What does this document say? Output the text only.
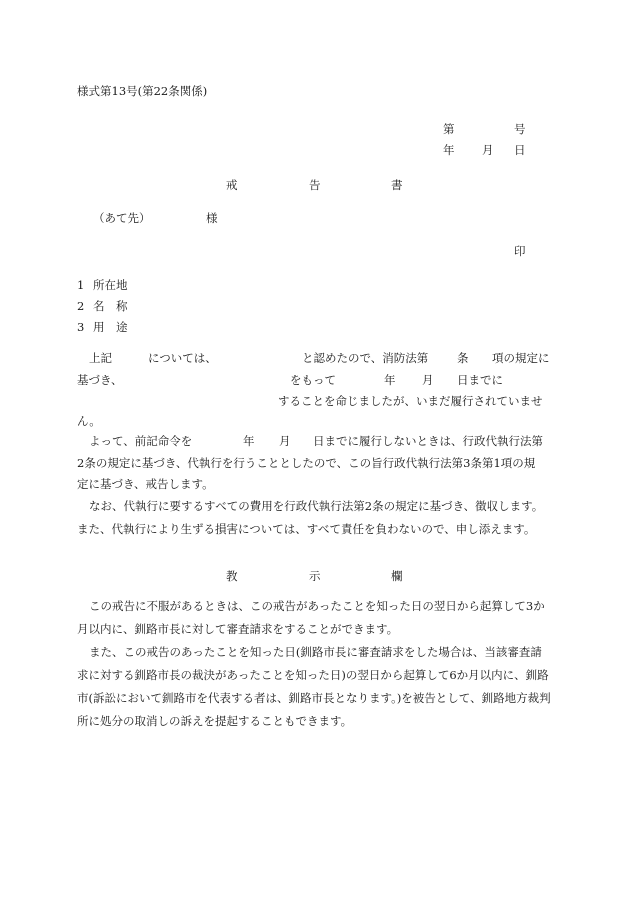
様式第13号(第22条関係)
第	号
年 月 日
戒	告	書
（あて先）	様
印
1 所在地
2 名　称
3 用　途
上記	については、	と認めたので、消防法第 条 項の規定に
基づき、	をもって	年 月 日までに
することを命じましたが、いまだ履行されていませ
ん。
よって、前記命令を	年 月 日までに履行しないときは、行政代執行法第
2条の規定に基づき、代執行を行うこととしたので、この旨行政代執行法第3条第1項の規
定に基づき、戒告します。

なお、代執行に要するすべての費用を行政代執行法第2条の規定に基づき、徴収します。また、代執行により生ずる損害については、すべて責任を負わないので、申し添えます。

教	示	欄

この戒告に不服があるときは、この戒告があったことを知った日の翌日から起算して3か月以内に、釧路市長に対して審査請求をすることができます。

また、この戒告のあったことを知った日(釧路市長に審査請求をした場合は、当該審査請求に対する釧路市長の裁決があったことを知った日)の翌日から起算して6か月以内に、釧路市(訴訟において釧路市を代表する者は、釧路市長となります。)を被告として、釧路地方裁判所に処分の取消しの訴えを提起することもできます。
